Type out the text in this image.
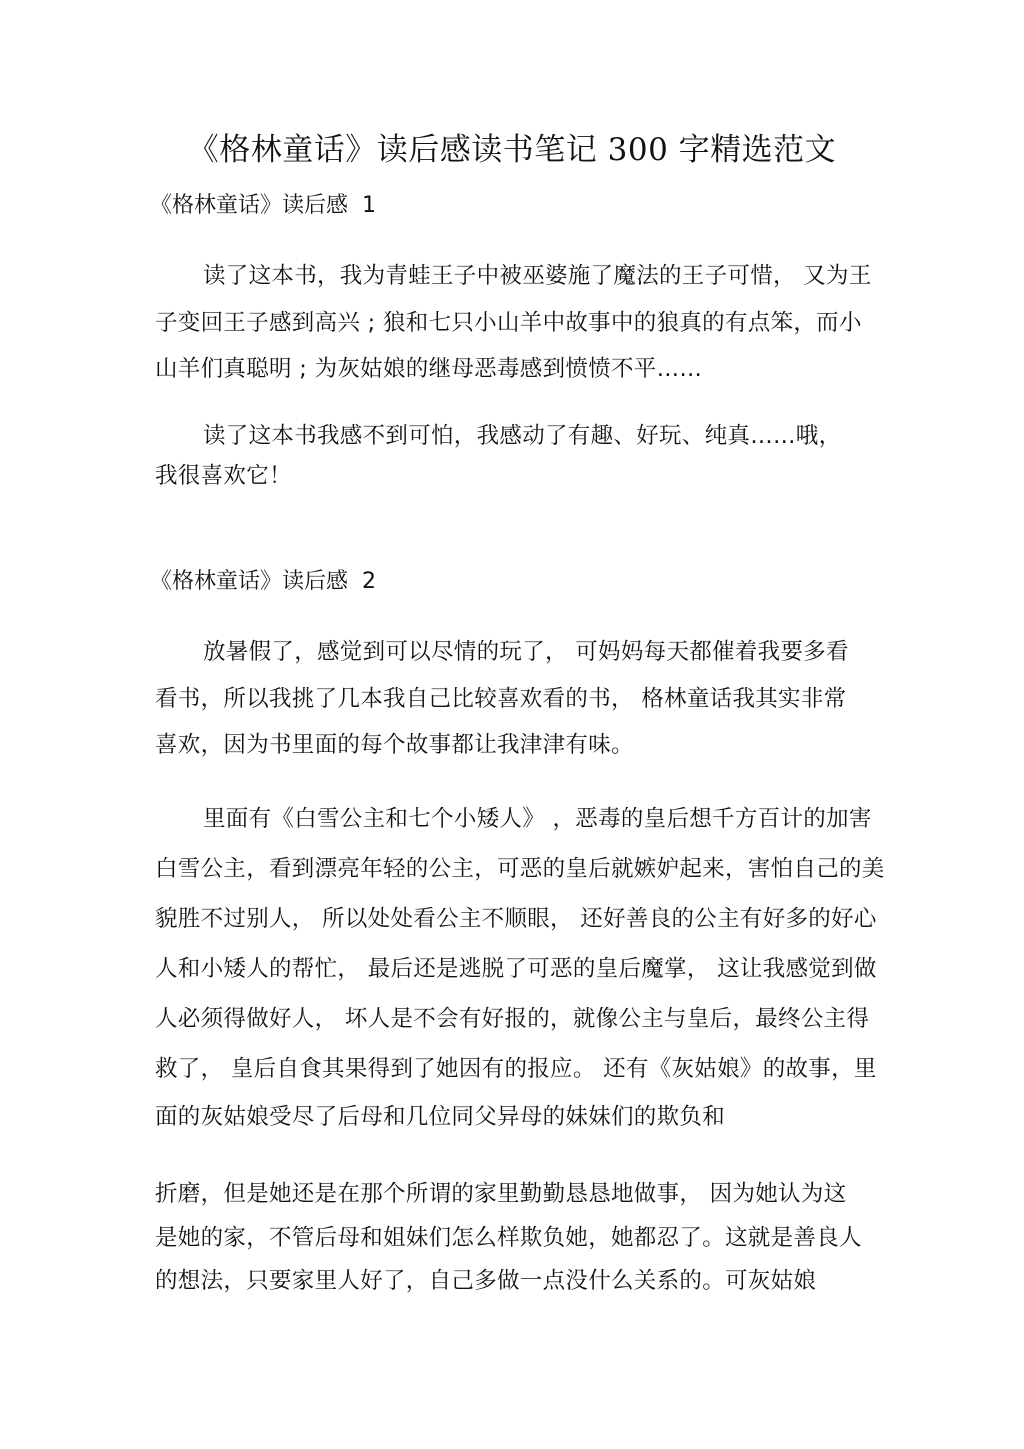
《格林童话》读后感读书笔记 300 字精选范文
《格林童话》读后感 1
读了这本书，我为青蛙王子中被巫婆施了魔法的王子可惜， 又为王
子变回王子感到高兴 ; 狼和七只小山羊中故事中的狼真的有点笨，而小
山羊们真聪明 ; 为灰姑娘的继母恶毒感到愤愤不平……
读了这本书我感不到可怕，我感动了有趣、好玩、纯真……哦，
我很喜欢它！
《格林童话》读后感 2
放暑假了，感觉到可以尽情的玩了， 可妈妈每天都催着我要多看
看书，所以我挑了几本我自己比较喜欢看的书， 格林童话我其实非常
喜欢，因为书里面的每个故事都让我津津有味。
里面有《白雪公主和七个小矮人》 ，恶毒的皇后想千方百计的加害
白雪公主，看到漂亮年轻的公主，可恶的皇后就嫉妒起来，害怕自己的美
貌胜不过别人， 所以处处看公主不顺眼， 还好善良的公主有好多的好心
人和小矮人的帮忙， 最后还是逃脱了可恶的皇后魔掌， 这让我感觉到做
人必须得做好人， 坏人是不会有好报的，就像公主与皇后，最终公主得
救了， 皇后自食其果得到了她因有的报应。 还有《灰姑娘》的故事，里
面的灰姑娘受尽了后母和几位同父异母的妹妹们的欺负和
折磨，但是她还是在那个所谓的家里勤勤恳恳地做事， 因为她认为这
是她的家，不管后母和姐妹们怎么样欺负她，她都忍了。这就是善良人
的想法，只要家里人好了，自己多做一点没什么关系的。可灰姑娘
